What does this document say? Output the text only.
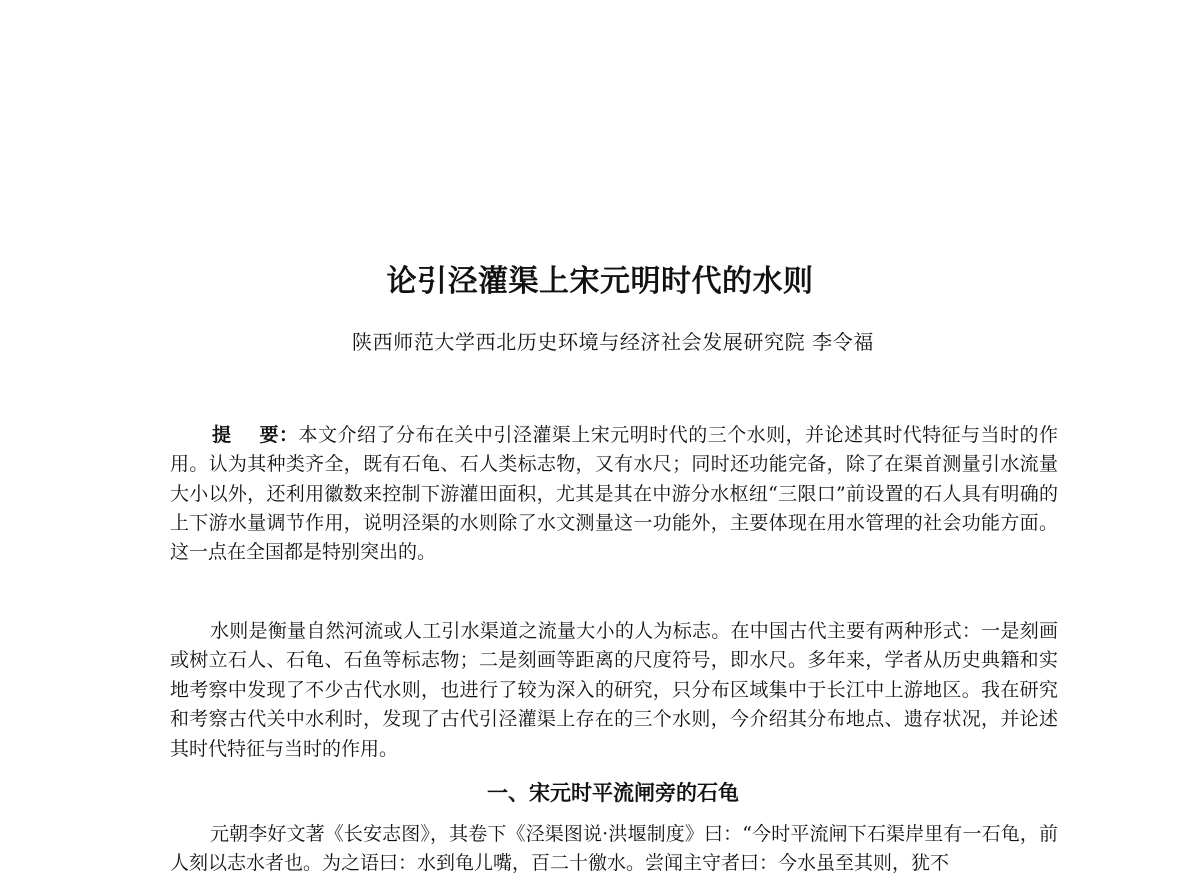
论引泾灌渠上宋元明时代的水则
陕西师范大学西北历史环境与经济社会发展研究院 李令福
提 要：本文介绍了分布在关中引泾灌渠上宋元明时代的三个水则，并论述其时代特征与当时的作用。认为其种类齐全，既有石龟、石人类标志物，又有水尺；同时还功能完备，除了在渠首测量引水流量大小以外，还利用徽数来控制下游灌田面积，尤其是其在中游分水枢纽“三限口”前设置的石人具有明确的上下游水量调节作用，说明泾渠的水则除了水文测量这一功能外，主要体现在用水管理的社会功能方面。这一点在全国都是特别突出的。
水则是衡量自然河流或人工引水渠道之流量大小的人为标志。在中国古代主要有两种形式：一是刻画或树立石人、石龟、石鱼等标志物；二是刻画等距离的尺度符号，即水尺。多年来，学者从历史典籍和实地考察中发现了不少古代水则，也进行了较为深入的研究，只分布区域集中于长江中上游地区。我在研究和考察古代关中水利时，发现了古代引泾灌渠上存在的三个水则，今介绍其分布地点、遗存状况，并论述其时代特征与当时的作用。
一、宋元时平流闸旁的石龟
元朝李好文著《长安志图》，其卷下《泾渠图说·洪堰制度》曰：“今时平流闸下石渠岸里有一石龟，前人刻以志水者也。为之语曰：水到龟儿嘴，百二十徼水。尝闻主守者曰：今水虽至其则，犹不
